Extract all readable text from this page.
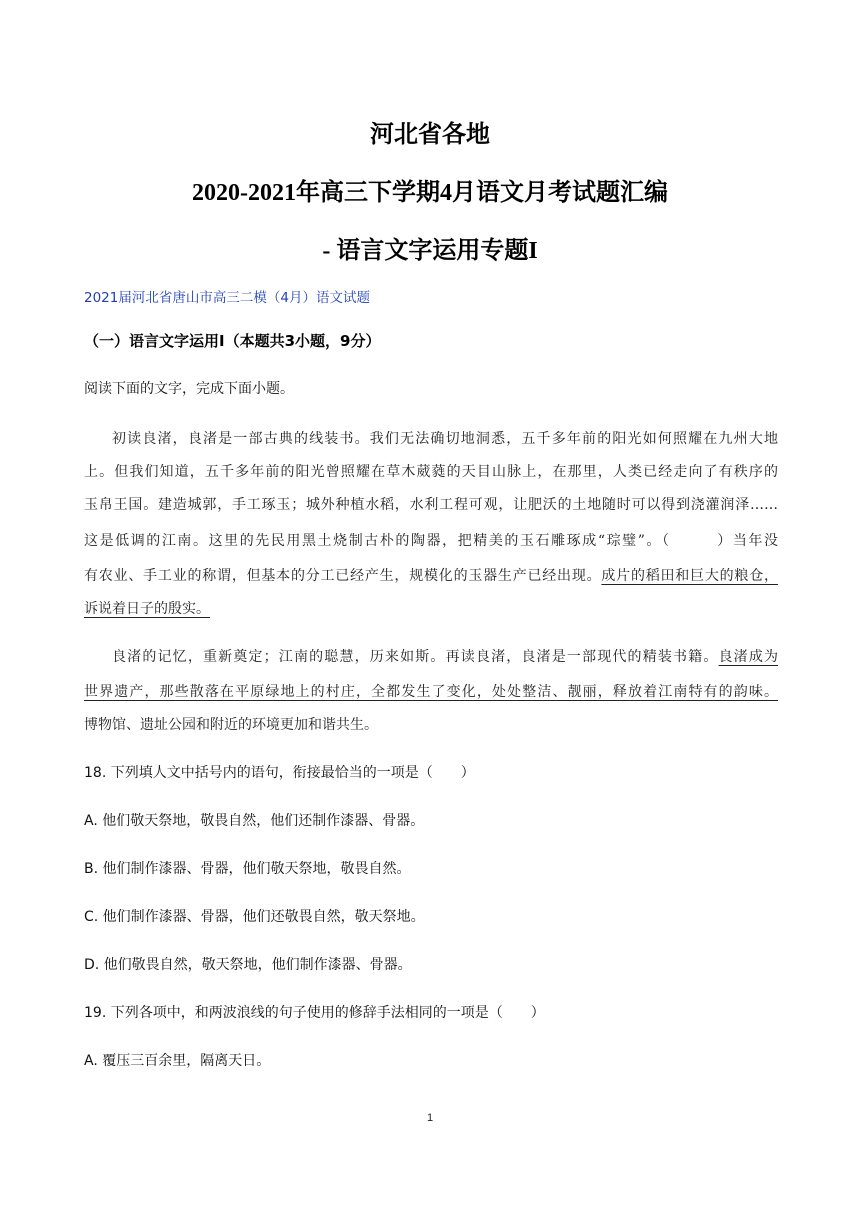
河北省各地
2020-2021年高三下学期4月语文月考试题汇编
- 语言文字运用专题I
2021届河北省唐山市高三二模（4月）语文试题
（一）语言文字运用Ⅰ（本题共3小题，9分）
阅读下面的文字，完成下面小题。
初读良渚，良渚是一部古典的线装书。我们无法确切地洞悉，五千多年前的阳光如何照耀在九州大地
上。但我们知道，五千多年前的阳光曾照耀在草木葳蕤的天目山脉上，在那里，人类已经走向了有秩序的
玉帛王国。建造城郭，手工琢玉；城外种植水稻，水利工程可观，让肥沃的土地随时可以得到浇灌润泽……
这是低调的江南。这里的先民用黑土烧制古朴的陶器，把精美的玉石雕琢成“琮璧”。（　　　）当年没
有农业、手工业的称谓，但基本的分工已经产生，规模化的玉器生产已经出现。成片的稻田和巨大的粮仓，
诉说着日子的殷实。
良渚的记忆，重新奠定；江南的聪慧，历来如斯。再读良渚，良渚是一部现代的精装书籍。良渚成为
世界遗产，那些散落在平原绿地上的村庄，全都发生了变化，处处整洁、靓丽，释放着江南特有的韵味。
博物馆、遗址公园和附近的环境更加和谐共生。
18. 下列填人文中括号内的语句，衔接最恰当的一项是（　　）
A. 他们敬天祭地，敬畏自然，他们还制作漆器、骨器。
B. 他们制作漆器、骨器，他们敬天祭地，敬畏自然。
C. 他们制作漆器、骨器，他们还敬畏自然，敬天祭地。
D. 他们敬畏自然，敬天祭地，他们制作漆器、骨器。
19. 下列各项中，和两波浪线的句子使用的修辞手法相同的一项是（　　）
A. 覆压三百余里，隔离天日。
1
